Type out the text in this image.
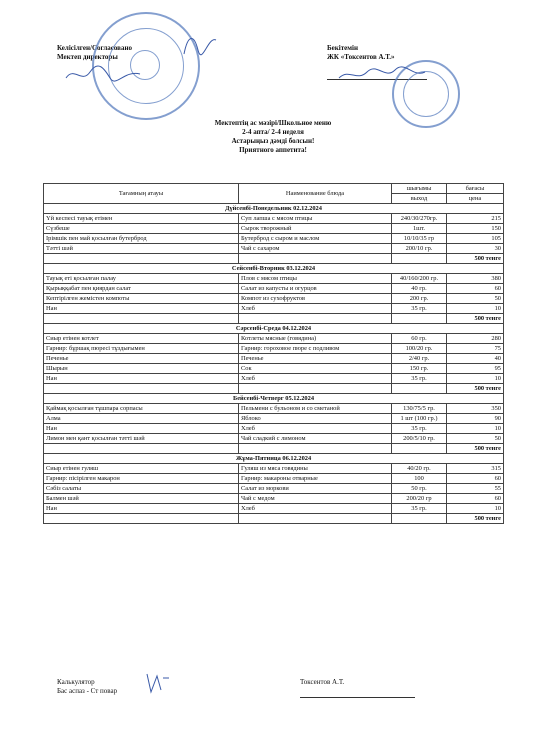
Келiсiлген/Согласовано
Мектеп директоры
Бекiтемiн
ЖК «Токсентов А.Т.»
Мектептiң ас мәзiрi/Школьное меню
2-4 апта/ 2-4 неделя
Астарыңыз дәмдi болсын!
Приятного аппетита!
Тағамның атауы	Наименование блюда	шығымы	бағасы
		выход	цена
Дүйсенбi-Понедельник 02.12.2024			
Үй кеспесi тауық етiмен	Суп лапша с мясом птицы	240/30/270гр.	215
Сүзбеше	Сырок творожный	1шт.	150
Iрiмшiк пен май қосылған бутерброд	Бутерброд с сыром и маслом	10/10/35 гр	105
Тәттi шәй	Чай с сахаром	200/10 гр.	30
			500 тенге
Сейсенбi-Вторник 03.12.2024			
Тауық етi қосылған палау	Плов с мясом птицы	40/160/200 гр.	380
Қырыққабат пен қиярдан салат	Салат из капусты и огурцов	40 гр.	60
Кептiрiлген жемiстен компоты	Компот из сухофруктов	200 гр.	50
Нан	Хлеб	35 гр.	10
			500 тенге
Сәрсенбi-Среда 04.12.2024			
Сиыр етiнен котлет	Котлеты мясные (говядина)	60 гр.	280
Гарнир: бұршақ пюресi тұздығымен	Гарнир: гороховое пюре с подливом	100/20 гр.	75
Печенье	Печенье	2/40 гр.	40
Шырын	Сок	150 гр.	95
Нан	Хлеб	35 гр.	10
			500 тенге
Бейсенбi-Четверг 05.12.2024			
Қаймақ қосылған тұшпара сорпасы	Пельмени с бульоном и со сметаной	130/75/5 гр.	350
Алма	Яблоко	1 шт (100 гр.)	90
Нан	Хлеб	35 гр.	10
Лимон мен қант қосылған тәттi шәй	Чай сладкий с лимоном	200/5/10 гр.	50
			500 тенге
Жұма-Пятница 06.12.2024			
Сиыр етiнен гуляш	Гуляш из мяса говядины	40/20 гр.	315
Гарнир: пiсiрiлген макарон	Гарнир: макароны отварные	100	60
Сәбiз салаты	Салат из моркови	50 гр.	55
Балмен шәй	Чай с медом	200/20 гр	60
Нан	Хлеб	35 гр.	10
			500 тенге
Калькулятор
Бас аспаз - Ст повар
Токсентов А.Т.
